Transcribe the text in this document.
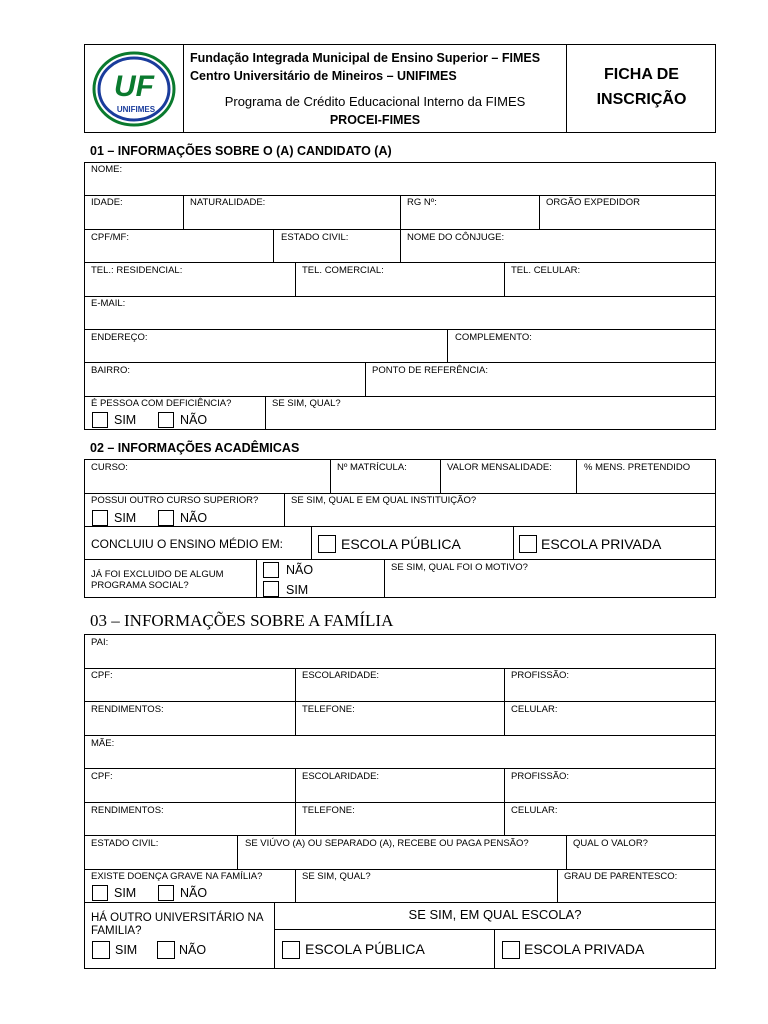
UF
UNIFIMES
Fundação Integrada Municipal de Ensino Superior – FIMES
Centro Universitário de Mineiros – UNIFIMES
Programa de Crédito Educacional Interno da FIMES
PROCEI-FIMES
FICHA DE
INSCRIÇÃO
01 – INFORMAÇÕES SOBRE O (A) CANDIDATO (A)
NOME:
IDADE:	NATURALIDADE:	RG Nº:	ORGÃO EXPEDIDOR
CPF/MF:	ESTADO CIVIL:	NOME DO CÔNJUGE:
TEL.: RESIDENCIAL:	TEL. COMERCIAL:	TEL. CELULAR:
E-MAIL:
ENDEREÇO:	COMPLEMENTO:
BAIRRO:	PONTO DE REFERÊNCIA:
É PESSOA COM DEFICIÊNCIA?	SE SIM, QUAL?
SIM	NÃO
02 – INFORMAÇÕES ACADÊMICAS
CURSO:	Nº MATRÍCULA:	VALOR MENSALIDADE:	% MENS. PRETENDIDO
POSSUI OUTRO CURSO SUPERIOR?	SE SIM, QUAL E EM QUAL INSTITUIÇÃO?
SIM	NÃO
CONCLUIU O ENSINO MÉDIO EM:	ESCOLA PÚBLICA	ESCOLA PRIVADA
JÁ FOI EXCLUIDO DE ALGUM PROGRAMA SOCIAL?
NÃO
SIM
SE SIM, QUAL FOI O MOTIVO?
03 – INFORMAÇÕES SOBRE A FAMÍLIA
PAI:
CPF:	ESCOLARIDADE:	PROFISSÃO:
RENDIMENTOS:	TELEFONE:	CELULAR:
MÃE:
CPF:	ESCOLARIDADE:	PROFISSÃO:
RENDIMENTOS:	TELEFONE:	CELULAR:
ESTADO CIVIL:	SE VIÚVO (A) OU SEPARADO (A), RECEBE OU PAGA PENSÃO?	QUAL O VALOR?
EXISTE DOENÇA GRAVE NA FAMÍLIA?
SIM	NÃO
SE SIM, QUAL?	GRAU DE PARENTESCO:
HÁ OUTRO UNIVERSITÁRIO NA FAMILIA?
SIM	NÃO
SE SIM, EM QUAL ESCOLA?
ESCOLA PÚBLICA	ESCOLA PRIVADA
